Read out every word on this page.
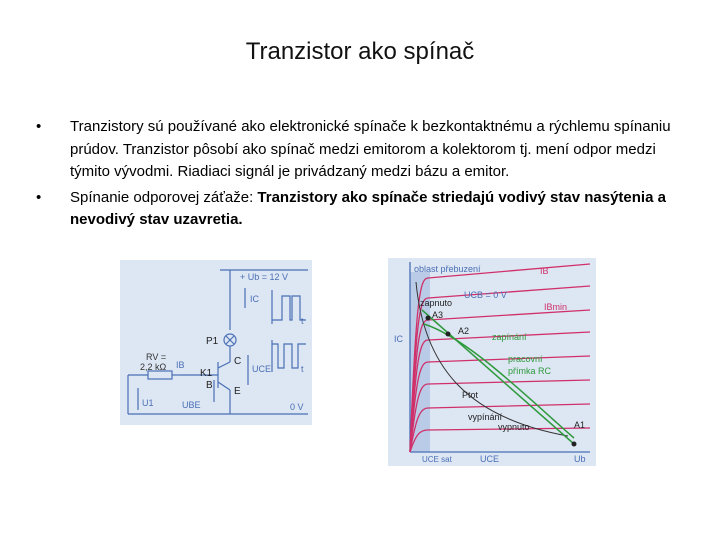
Tranzistor ako spínač
• Tranzistory sú používané ako elektronické spínače k bezkontaktnému a rýchlemu spínaniu prúdov. Tranzistor pôsobí ako spínač medzi emitorom a kolektorom tj. mení odpor medzi týmito vývodmi. Riadiaci signál je privádzaný medzi bázu a emitor.
• Spínanie odporovej záťaže: Tranzistory ako spínače striedajú vodivý stav nasýtenia a nevodivý stav uzavretia.
+ Ub = 12 V
0 V
IC
UCE
UBE
IB
U1
RV =
2,2 kΩ
P1
K1
C
B
E
t
t
oblast přebuzení
zapnuto
UCB = 0 V
IB
IBmin
A1
A2
A3
zapínání
pracovní
přímka RC
Ptot
vypínání
vypnuto
IC
UCE sat	UCE	Ub
